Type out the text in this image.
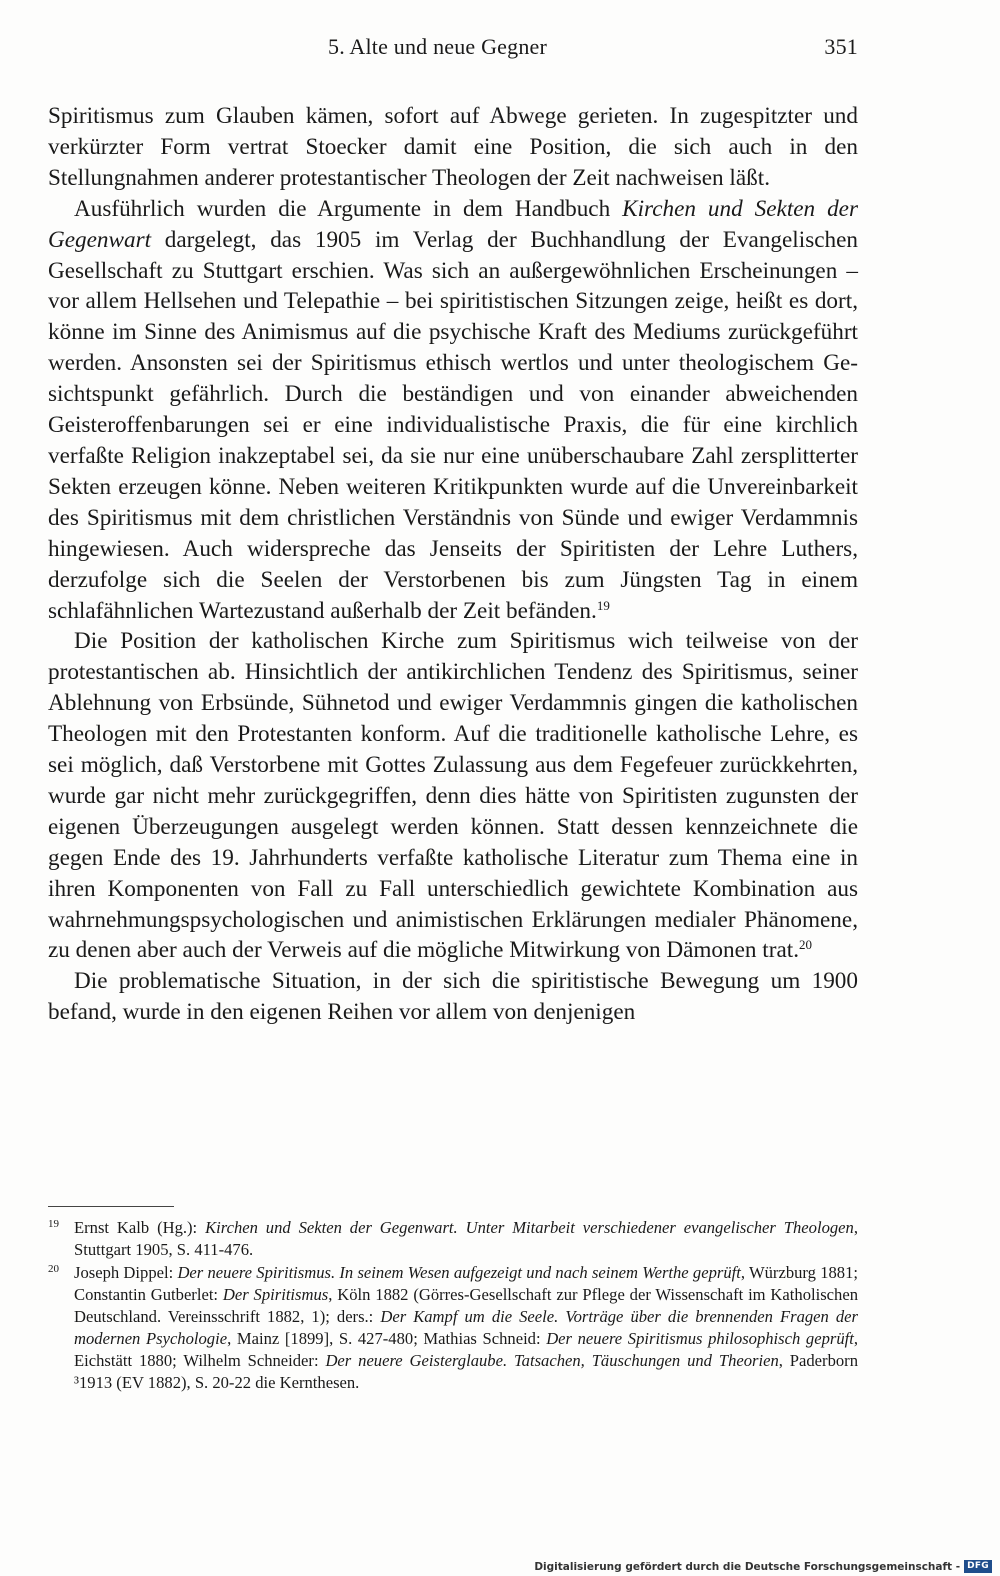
5. Alte und neue Gegner	351

Spiritismus zum Glauben kämen, sofort auf Abwege gerieten. In zugespitzter und verkürzter Form vertrat Stoecker damit eine Position, die sich auch in den Stellungnahmen anderer protestantischer Theologen der Zeit nachweisen läßt.

Ausführlich wurden die Argumente in dem Handbuch Kirchen und Sekten der Gegenwart dargelegt, das 1905 im Verlag der Buchhandlung der Evangelischen Gesellschaft zu Stuttgart erschien. Was sich an außergewöhnlichen Erscheinungen – vor allem Hellsehen und Telepathie – bei spiritistischen Sitzungen zeige, heißt es dort, könne im Sinne des Animismus auf die psychische Kraft des Mediums zurückgeführt werden. Ansonsten sei der Spiritismus ethisch wertlos und unter theologischem Gesichtspunkt gefährlich. Durch die beständigen und von einander abweichenden Geisteroffenbarungen sei er eine individualistische Praxis, die für eine kirchlich verfaßte Religion inakzeptabel sei, da sie nur eine unüberschaubare Zahl zersplitterter Sekten erzeugen könne. Neben weiteren Kritikpunkten wurde auf die Unvereinbarkeit des Spiritismus mit dem christlichen Verständnis von Sünde und ewiger Verdammnis hingewiesen. Auch widerspreche das Jenseits der Spiritisten der Lehre Luthers, derzufolge sich die Seelen der Verstorbenen bis zum Jüngsten Tag in einem schlafähnlichen Wartezustand außerhalb der Zeit befänden.$^{19}$

Die Position der katholischen Kirche zum Spiritismus wich teilweise von der protestantischen ab. Hinsichtlich der antikirchlichen Tendenz des Spiritismus, seiner Ablehnung von Erbsünde, Sühnetod und ewiger Verdammnis gingen die katholischen Theologen mit den Protestanten konform. Auf die traditionelle katholische Lehre, es sei möglich, daß Verstorbene mit Gottes Zulassung aus dem Fegefeuer zurückkehrten, wurde gar nicht mehr zurückgegriffen, denn dies hätte von Spiritisten zugunsten der eigenen Überzeugungen ausgelegt werden können. Statt dessen kennzeichnete die gegen Ende des 19. Jahrhunderts verfaßte katholische Literatur zum Thema eine in ihren Komponenten von Fall zu Fall unterschiedlich gewichtete Kombination aus wahrnehmungspsychologischen und animistischen Erklärungen medialer Phänomene, zu denen aber auch der Verweis auf die mögliche Mitwirkung von Dämonen trat.$^{20}$

Die problematische Situation, in der sich die spiritistische Bewegung um 1900 befand, wurde in den eigenen Reihen vor allem von denjenigen

19 Ernst Kalb (Hg.): Kirchen und Sekten der Gegenwart. Unter Mitarbeit verschiedener evangelischer Theologen, Stuttgart 1905, S. 411-476.
20 Joseph Dippel: Der neuere Spiritismus. In seinem Wesen aufgezeigt und nach seinem Werthe geprüft, Würzburg 1881; Constantin Gutberlet: Der Spiritismus, Köln 1882 (Görres-Gesellschaft zur Pflege der Wissenschaft im Katholischen Deutschland. Vereinsschrift 1882, 1); ders.: Der Kampf um die Seele. Vorträge über die brennenden Fragen der modernen Psychologie, Mainz [1899], S. 427-480; Mathias Schneid: Der neuere Spiritismus philosophisch geprüft, Eichstätt 1880; Wilhelm Schneider: Der neuere Geisterglaube. Tatsachen, Täuschungen und Theorien, Paderborn ³1913 (EV 1882), S. 20-22 die Kernthesen.
Digitalisierung gefördert durch die Deutsche Forschungsgemeinschaft - DFG
